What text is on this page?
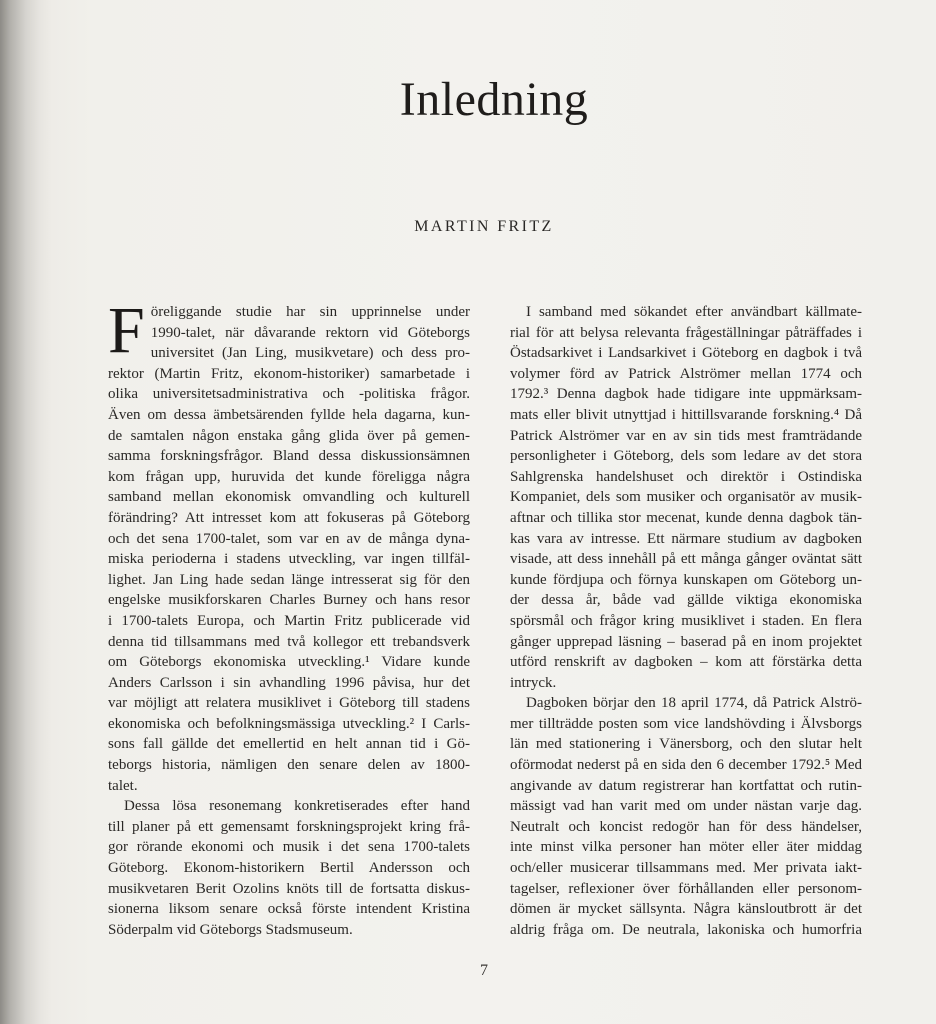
Inledning
MARTIN FRITZ
F öreliggande studie har sin upprinnelse under

1990-talet, när dåvarande rektorn vid Göteborgs

universitet (Jan Ling, musikvetare) och dess pro-

rektor (Martin Fritz, ekonom-historiker) samarbetade i

olika universitetsadministrativa och -politiska frågor.

Även om dessa ämbetsärenden fyllde hela dagarna, kun-

de samtalen någon enstaka gång glida över på gemen-

samma forskningsfrågor. Bland dessa diskussionsämnen

kom frågan upp, huruvida det kunde föreligga några

samband mellan ekonomisk omvandling och kulturell

förändring? Att intresset kom att fokuseras på Göteborg

och det sena 1700-talet, som var en av de många dyna-

miska perioderna i stadens utveckling, var ingen tillfäl-

lighet. Jan Ling hade sedan länge intresserat sig för den

engelske musikforskaren Charles Burney och hans resor

i 1700-talets Europa, och Martin Fritz publicerade vid

denna tid tillsammans med två kollegor ett trebandsverk

om Göteborgs ekonomiska utveckling.¹ Vidare kunde

Anders Carlsson i sin avhandling 1996 påvisa, hur det

var möjligt att relatera musiklivet i Göteborg till stadens

ekonomiska och befolkningsmässiga utveckling.² I Carls-

sons fall gällde det emellertid en helt annan tid i Gö-

teborgs historia, nämligen den senare delen av 1800-

talet.

Dessa lösa resonemang konkretiserades efter hand

till planer på ett gemensamt forskningsprojekt kring frå-

gor rörande ekonomi och musik i det sena 1700-talets

Göteborg. Ekonom-historikern Bertil Andersson och

musikvetaren Berit Ozolins knöts till de fortsatta diskus-

sionerna liksom senare också förste intendent Kristina

Söderpalm vid Göteborgs Stadsmuseum.

I samband med sökandet efter användbart källmate-

rial för att belysa relevanta frågeställningar påträffades i

Östadsarkivet i Landsarkivet i Göteborg en dagbok i två

volymer förd av Patrick Alströmer mellan 1774 och

1792.³ Denna dagbok hade tidigare inte uppmärksam-

mats eller blivit utnyttjad i hittillsvarande forskning.⁴ Då

Patrick Alströmer var en av sin tids mest framträdande

personligheter i Göteborg, dels som ledare av det stora

Sahlgrenska handelshuset och direktör i Ostindiska

Kompaniet, dels som musiker och organisatör av musik-

aftnar och tillika stor mecenat, kunde denna dagbok tän-

kas vara av intresse. Ett närmare studium av dagboken

visade, att dess innehåll på ett många gånger oväntat sätt

kunde fördjupa och förnya kunskapen om Göteborg un-

der dessa år, både vad gällde viktiga ekonomiska

spörsmål och frågor kring musiklivet i staden. En flera

gånger upprepad läsning – baserad på en inom projektet

utförd renskrift av dagboken – kom att förstärka detta

intryck.

Dagboken börjar den 18 april 1774, då Patrick Alströ-

mer tillträdde posten som vice landshövding i Älvsborgs

län med stationering i Vänersborg, och den slutar helt

oförmodat nederst på en sida den 6 december 1792.⁵ Med

angivande av datum registrerar han kortfattat och rutin-

mässigt vad han varit med om under nästan varje dag.

Neutralt och koncist redogör han för dess händelser,

inte minst vilka personer han möter eller äter middag

och/eller musicerar tillsammans med. Mer privata iakt-

tagelser, reflexioner över förhållanden eller personom-

dömen är mycket sällsynta. Några känsloutbrott är det

aldrig fråga om. De neutrala, lakoniska och humorfria

7
